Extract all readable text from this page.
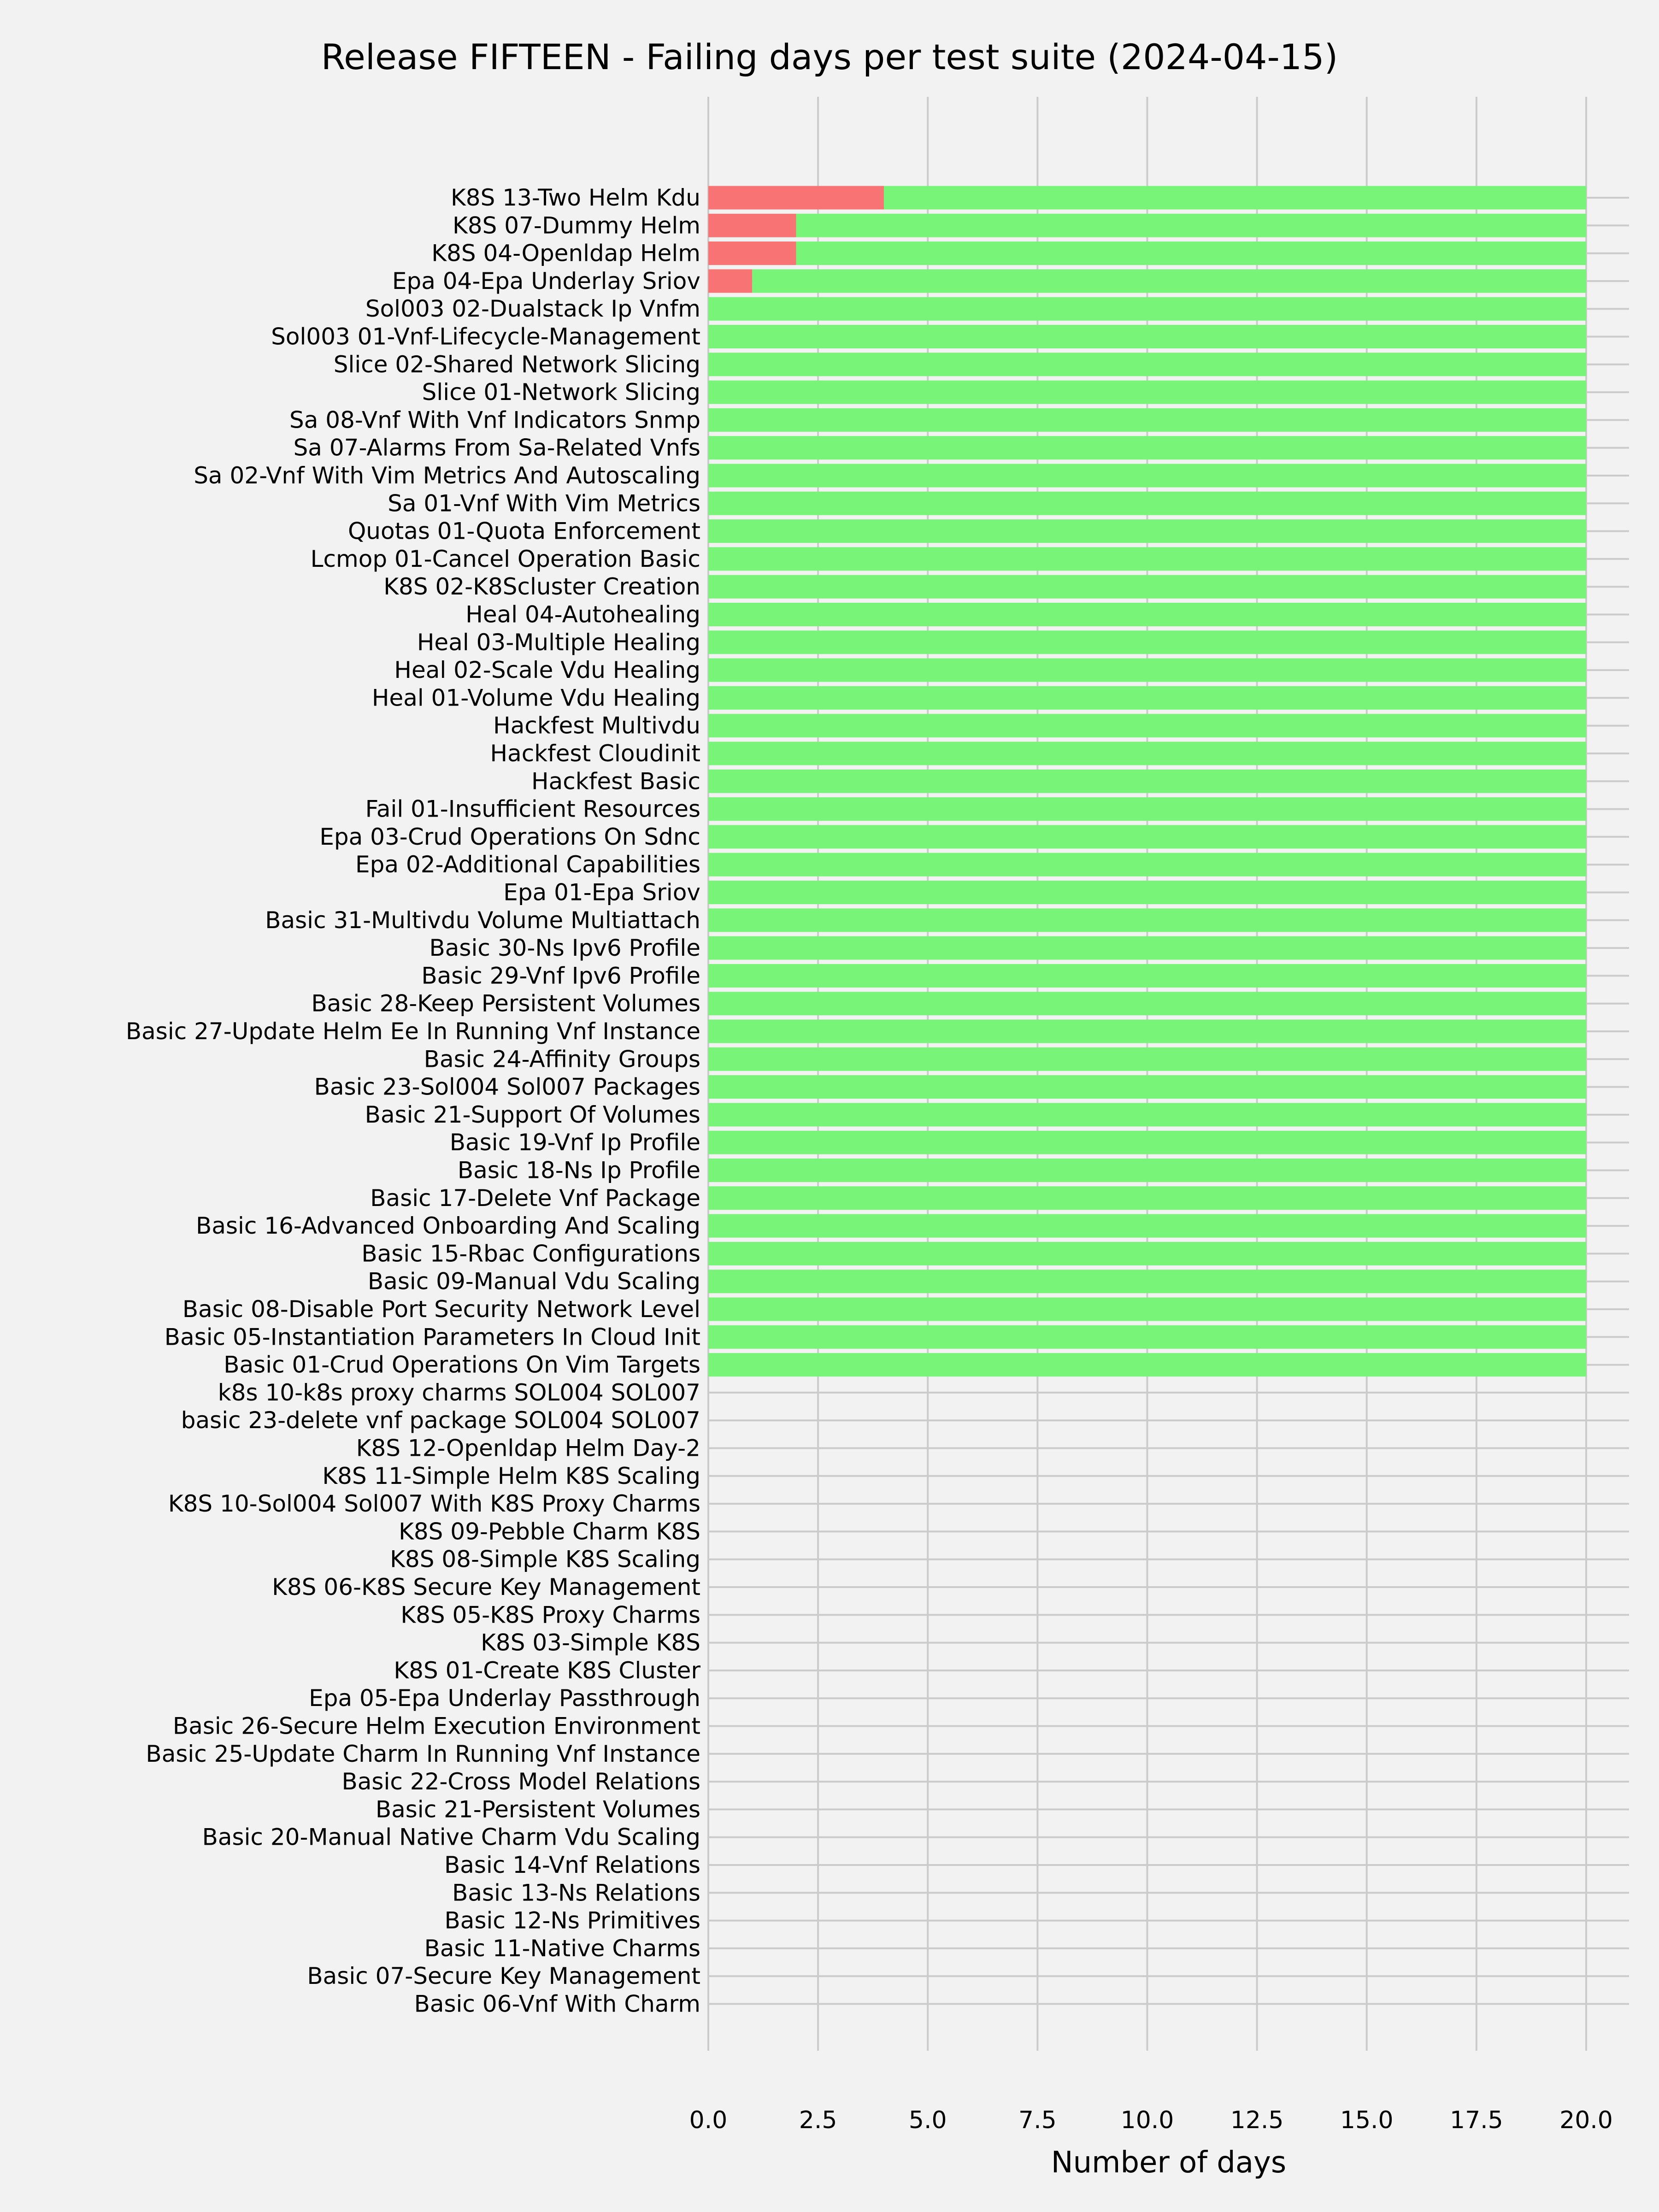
K8S 13-Two Helm Kdu
K8S 07-Dummy Helm
K8S 04-Openldap Helm
Epa 04-Epa Underlay Sriov
Sol003 02-Dualstack Ip Vnfm
Sol003 01-Vnf-Lifecycle-Management
Slice 02-Shared Network Slicing
Slice 01-Network Slicing
Sa 08-Vnf With Vnf Indicators Snmp
Sa 07-Alarms From Sa-Related Vnfs
Sa 02-Vnf With Vim Metrics And Autoscaling
Sa 01-Vnf With Vim Metrics
Quotas 01-Quota Enforcement
Lcmop 01-Cancel Operation Basic
K8S 02-K8Scluster Creation
Heal 04-Autohealing
Heal 03-Multiple Healing
Heal 02-Scale Vdu Healing
Heal 01-Volume Vdu Healing
Hackfest Multivdu
Hackfest Cloudinit
Hackfest Basic
Fail 01-Insufficient Resources
Epa 03-Crud Operations On Sdnc
Epa 02-Additional Capabilities
Epa 01-Epa Sriov
Basic 31-Multivdu Volume Multiattach
Basic 30-Ns Ipv6 Profile
Basic 29-Vnf Ipv6 Profile
Basic 28-Keep Persistent Volumes
Basic 27-Update Helm Ee In Running Vnf Instance
Basic 24-Affinity Groups
Basic 23-Sol004 Sol007 Packages
Basic 21-Support Of Volumes
Basic 19-Vnf Ip Profile
Basic 18-Ns Ip Profile
Basic 17-Delete Vnf Package
Basic 16-Advanced Onboarding And Scaling
Basic 15-Rbac Configurations
Basic 09-Manual Vdu Scaling
Basic 08-Disable Port Security Network Level
Basic 05-Instantiation Parameters In Cloud Init
Basic 01-Crud Operations On Vim Targets
k8s 10-k8s proxy charms SOL004 SOL007
basic 23-delete vnf package SOL004 SOL007
K8S 12-Openldap Helm Day-2
K8S 11-Simple Helm K8S Scaling
K8S 10-Sol004 Sol007 With K8S Proxy Charms
K8S 09-Pebble Charm K8S
K8S 08-Simple K8S Scaling
K8S 06-K8S Secure Key Management
K8S 05-K8S Proxy Charms
K8S 03-Simple K8S
K8S 01-Create K8S Cluster
Epa 05-Epa Underlay Passthrough
Basic 26-Secure Helm Execution Environment
Basic 25-Update Charm In Running Vnf Instance
Basic 22-Cross Model Relations
Basic 21-Persistent Volumes
Basic 20-Manual Native Charm Vdu Scaling
Basic 14-Vnf Relations
Basic 13-Ns Relations
Basic 12-Ns Primitives
Basic 11-Native Charms
Basic 07-Secure Key Management
Basic 06-Vnf With Charm
0.0	2.5	5.0	7.5	10.0 12.5 15.0 17.5 20.0
Release FIFTEEN - Failing days per test suite (2024-04-15)
Number of days
